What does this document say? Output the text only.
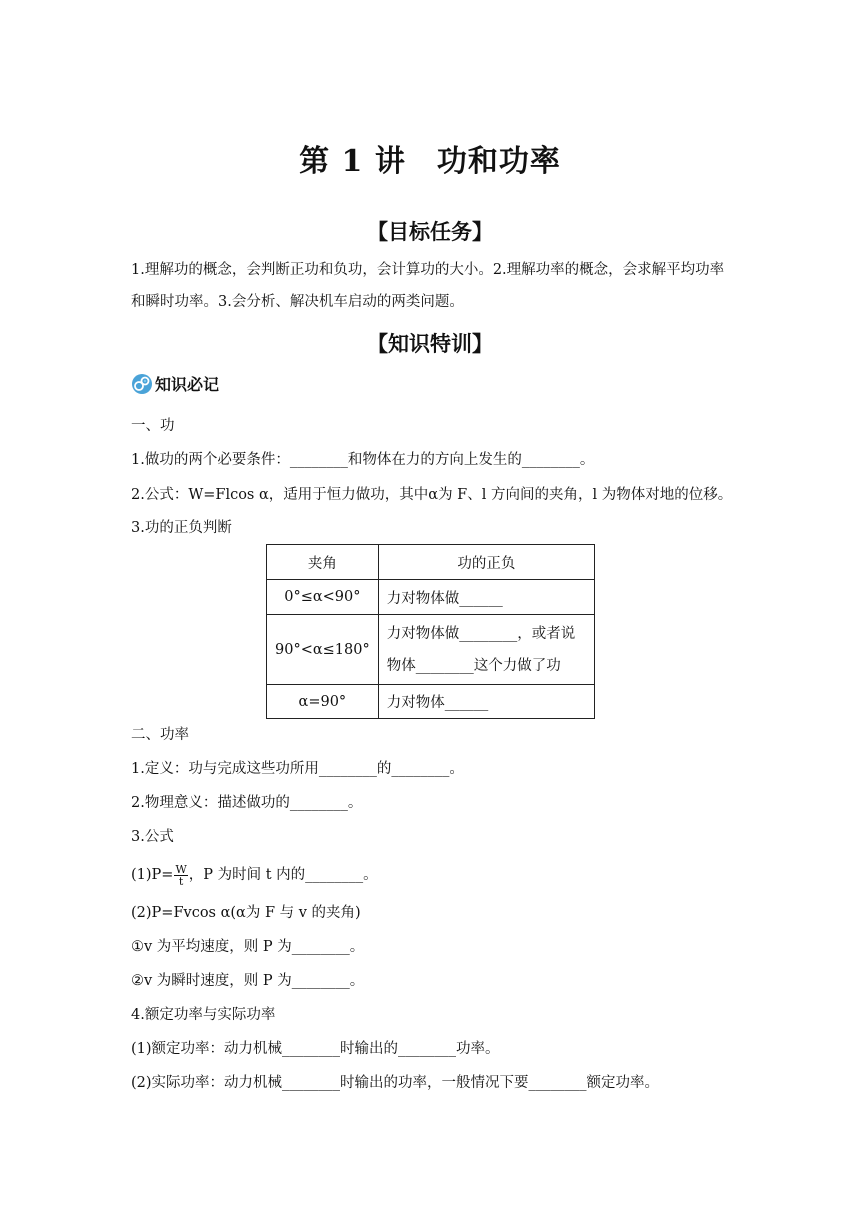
第 1 讲　功和功率
【目标任务】
1.理解功的概念，会判断正功和负功，会计算功的大小。2.理解功率的概念，会求解平均功率和瞬时功率。3.会分析、解决机车启动的两类问题。
【知识特训】
知识必记
一、功
1.做功的两个必要条件：________和物体在力的方向上发生的________。
2.公式：W=Flcos α，适用于恒力做功，其中α为 F、l 方向间的夹角，l 为物体对地的位移。
3.功的正负判断
夹角	功的正负
0°≤α<90°	力对物体做______
90°<α≤180°	力对物体做________，或者说物体________这个力做了功
α=90°	力对物体______
二、功率
1.定义：功与完成这些功所用________的________。
2.物理意义：描述做功的________。
3.公式
$(1)P= \frac{W}{t}$ ，P 为时间 t 内的________。
(2)P=Fvcos α(α为 F 与 v 的夹角)
①v 为平均速度，则 P 为________。
②v 为瞬时速度，则 P 为________。
4.额定功率与实际功率
(1)额定功率：动力机械________时输出的________功率。
(2)实际功率：动力机械________时输出的功率，一般情况下要________额定功率。
